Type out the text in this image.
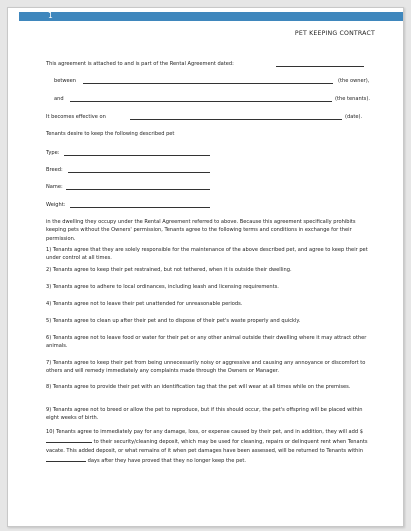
1
PET KEEPING CONTRACT
This agreement is attached to and is part of the Rental Agreement dated:
between	(the owner),
and	(the tenants).
It becomes effective on	(date).
Tenants desire to keep the following described pet
Type:
Breed:
Name:
Weight:
in the dwelling they occupy under the Rental Agreement referred to above. Because this agreement specifically prohibits keeping pets without the Owners' permission, Tenants agree to the following terms and conditions in exchange for their permission.
1) Tenants agree that they are solely responsible for the maintenance of the above described pet, and agree to keep their pet under control at all times.
2) Tenants agree to keep their pet restrained, but not tethered, when it is outside their dwelling.
3) Tenants agree to adhere to local ordinances, including leash and licensing requirements.
4) Tenants agree not to leave their pet unattended for unreasonable periods.
5) Tenants agree to clean up after their pet and to dispose of their pet's waste properly and quickly.
6) Tenants agree not to leave food or water for their pet or any other animal outside their dwelling where it may attract other animals.
7) Tenants agree to keep their pet from being unnecessarily noisy or aggressive and causing any annoyance or discomfort to others and will remedy immediately any complaints made through the Owners or Manager.
8) Tenants agree to provide their pet with an identification tag that the pet will wear at all times while on the premises.
9) Tenants agree not to breed or allow the pet to reproduce, but if this should occur, the pet's offspring will be placed within eight weeks of birth.
10) Tenants agree to immediately pay for any damage, loss, or expense caused by their pet, and in addition, they will add $ to their security/cleaning deposit, which may be used for cleaning, repairs or delinquent rent when Tenants vacate. This added deposit, or what remains of it when pet damages have been assessed, will be returned to Tenants within  days after they have proved that they no longer keep the pet.
